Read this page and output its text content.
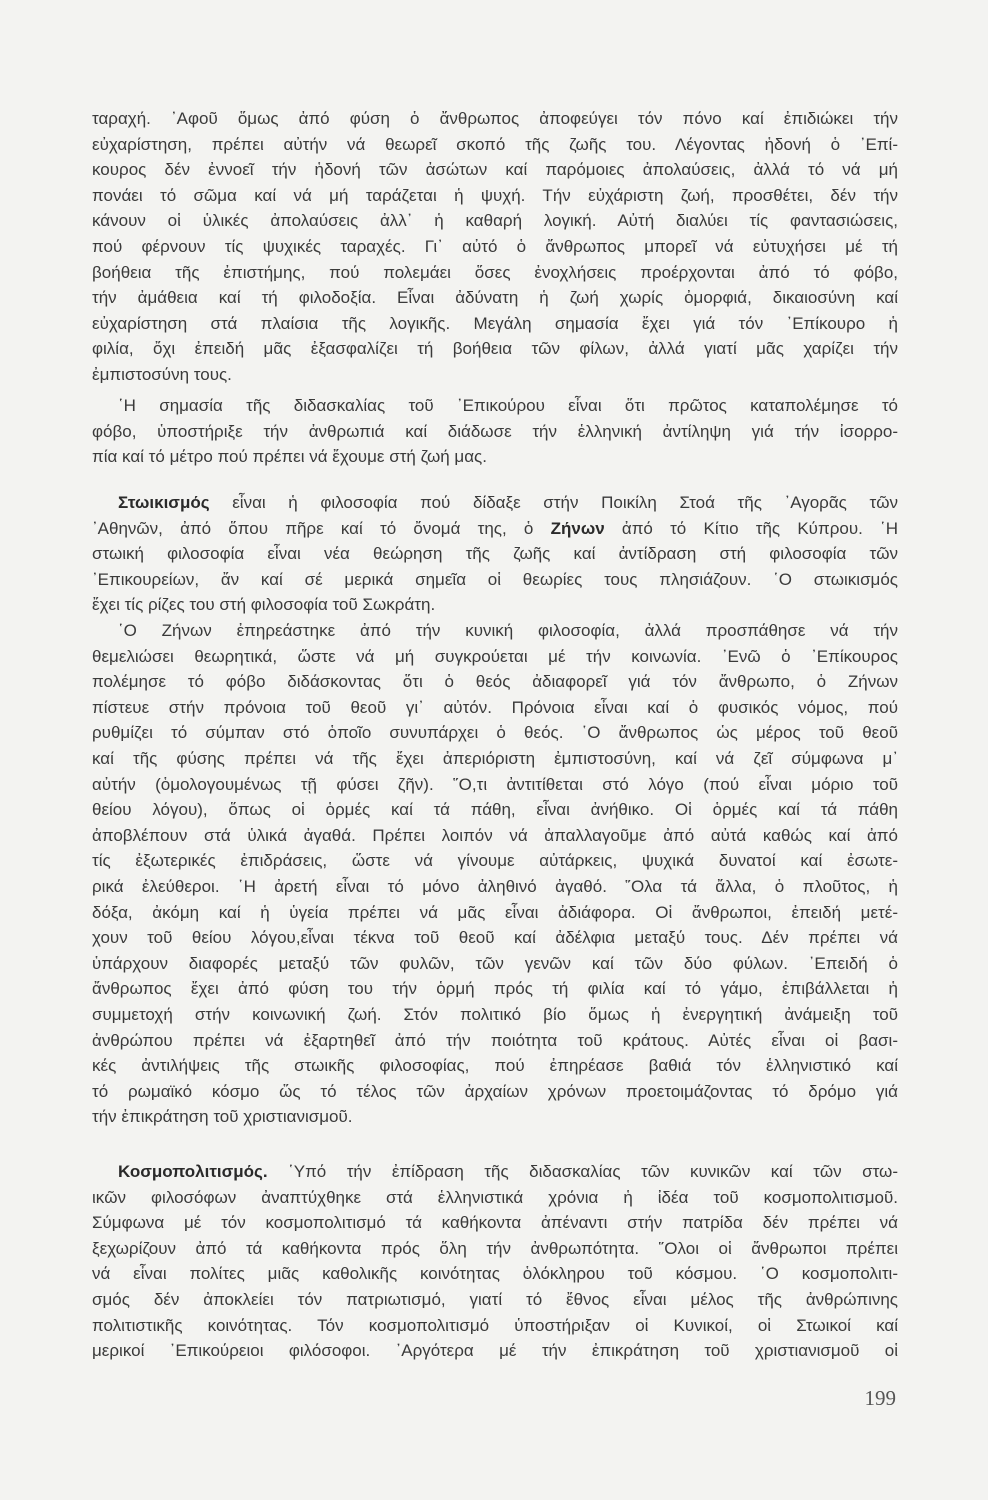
ταραχή. ᾿Αφοῦ ὅμως ἀπό φύση ὁ ἄνθρωπος ἀποφεύγει τόν πόνο καί ἐπιδιώκει τήν
εὐχαρίστηση, πρέπει αὐτήν νά θεωρεῖ σκοπό τῆς ζωῆς του. Λέγοντας ἡδονή ὁ ᾿Επί-
κουρος δέν ἐννοεῖ τήν ἡδονή τῶν ἀσώτων καί παρόμοιες ἀπολαύσεις, ἀλλά τό νά μή
πονάει τό σῶμα καί νά μή ταράζεται ἡ ψυχή. Τήν εὐχάριστη ζωή, προσθέτει, δέν τήν
κάνουν οἱ ὑλικές ἀπολαύσεις ἀλλ᾿ ἡ καθαρή λογική. Αὐτή διαλύει τίς φαντασιώσεις,
πού φέρνουν τίς ψυχικές ταραχές. Γι᾿ αὐτό ὁ ἄνθρωπος μπορεῖ νά εὐτυχήσει μέ τή
βοήθεια τῆς ἐπιστήμης, πού πολεμάει ὅσες ἐνοχλήσεις προέρχονται ἀπό τό φόβο,
τήν ἀμάθεια καί τή φιλοδοξία. Εἶναι ἀδύνατη ἡ ζωή χωρίς ὀμορφιά, δικαιοσύνη καί
εὐχαρίστηση στά πλαίσια τῆς λογικῆς. Μεγάλη σημασία ἔχει γιά τόν ᾿Επίκουρο ἡ
φιλία, ὄχι ἐπειδή μᾶς ἐξασφαλίζει τή βοήθεια τῶν φίλων, ἀλλά γιατί μᾶς χαρίζει τήν
ἐμπιστοσύνη τους.
῾Η σημασία τῆς διδασκαλίας τοῦ ᾿Επικούρου εἶναι ὅτι πρῶτος καταπολέμησε τό
φόβο, ὑποστήριξε τήν ἀνθρωπιά καί διάδωσε τήν ἑλληνική ἀντίληψη γιά τήν ἰσορρο-
πία καί τό μέτρο πού πρέπει νά ἔχουμε στή ζωή μας.
Στωικισμός εἶναι ἡ φιλοσοφία πού δίδαξε στήν Ποικίλη Στοά τῆς ᾿Αγορᾶς τῶν
᾿Αθηνῶν, ἀπό ὅπου πῆρε καί τό ὄνομά της, ὁ Ζήνων ἀπό τό Κίτιο τῆς Κύπρου. ῾Η
στωική φιλοσοφία εἶναι νέα θεώρηση τῆς ζωῆς καί ἀντίδραση στή φιλοσοφία τῶν
᾿Επικουρείων, ἄν καί σέ μερικά σημεῖα οἱ θεωρίες τους πλησιάζουν. ῾Ο στωικισμός
ἔχει τίς ρίζες του στή φιλοσοφία τοῦ Σωκράτη.
῾Ο Ζήνων ἐπηρεάστηκε ἀπό τήν κυνική φιλοσοφία, ἀλλά προσπάθησε νά τήν
θεμελιώσει θεωρητικά, ὥστε νά μή συγκρούεται μέ τήν κοινωνία. ᾿Ενῶ ὁ ᾿Επίκουρος
πολέμησε τό φόβο διδάσκοντας ὅτι ὁ θεός ἀδιαφορεῖ γιά τόν ἄνθρωπο, ὁ Ζήνων
πίστευε στήν πρόνοια τοῦ θεοῦ γι᾿ αὐτόν. Πρόνοια εἶναι καί ὁ φυσικός νόμος, πού
ρυθμίζει τό σύμπαν στό ὁποῖο συνυπάρχει ὁ θεός. ῾Ο ἄνθρωπος ὡς μέρος τοῦ θεοῦ
καί τῆς φύσης πρέπει νά τῆς ἔχει ἀπεριόριστη ἐμπιστοσύνη, καί νά ζεῖ σύμφωνα μ᾿
αὐτήν (ὁμολογουμένως τῇ φύσει ζῆν). ῞Ο,τι ἀντιτίθεται στό λόγο (πού εἶναι μόριο τοῦ
θείου λόγου), ὅπως οἱ ὁρμές καί τά πάθη, εἶναι ἀνήθικο. Οἱ ὁρμές καί τά πάθη
ἀποβλέπουν στά ὑλικά ἀγαθά. Πρέπει λοιπόν νά ἀπαλλαγοῦμε ἀπό αὐτά καθώς καί ἀπό
τίς ἐξωτερικές ἐπιδράσεις, ὥστε νά γίνουμε αὐτάρκεις, ψυχικά δυνατοί καί ἐσωτε-
ρικά ἐλεύθεροι. ῾Η ἀρετή εἶναι τό μόνο ἀληθινό ἀγαθό. ῞Ολα τά ἄλλα, ὁ πλοῦτος, ἡ
δόξα, ἀκόμη καί ἡ ὑγεία πρέπει νά μᾶς εἶναι ἀδιάφορα. Οἱ ἄνθρωποι, ἐπειδή μετέ-
χουν τοῦ θείου λόγου,εἶναι τέκνα τοῦ θεοῦ καί ἀδέλφια μεταξύ τους. Δέν πρέπει νά
ὑπάρχουν διαφορές μεταξύ τῶν φυλῶν, τῶν γενῶν καί τῶν δύο φύλων. ᾿Επειδή ὁ
ἄνθρωπος ἔχει ἀπό φύση του τήν ὁρμή πρός τή φιλία καί τό γάμο, ἐπιβάλλεται ἡ
συμμετοχή στήν κοινωνική ζωή. Στόν πολιτικό βίο ὅμως ἡ ἐνεργητική ἀνάμειξη τοῦ
ἀνθρώπου πρέπει νά ἐξαρτηθεῖ ἀπό τήν ποιότητα τοῦ κράτους. Αὐτές εἶναι οἱ βασι-
κές ἀντιλήψεις τῆς στωικῆς φιλοσοφίας, πού ἐπηρέασε βαθιά τόν ἑλληνιστικό καί
τό ρωμαϊκό κόσμο ὥς τό τέλος τῶν ἀρχαίων χρόνων προετοιμάζοντας τό δρόμο γιά
τήν ἐπικράτηση τοῦ χριστιανισμοῦ.
Κοσμοπολιτισμός. ῾Υπό τήν ἐπίδραση τῆς διδασκαλίας τῶν κυνικῶν καί τῶν στω-
ικῶν φιλοσόφων ἀναπτύχθηκε στά ἑλληνιστικά χρόνια ἡ ἰδέα τοῦ κοσμοπολιτισμοῦ.
Σύμφωνα μέ τόν κοσμοπολιτισμό τά καθήκοντα ἀπέναντι στήν πατρίδα δέν πρέπει νά
ξεχωρίζουν ἀπό τά καθήκοντα πρός ὅλη τήν ἀνθρωπότητα. ῞Ολοι οἱ ἄνθρωποι πρέπει
νά εἶναι πολίτες μιᾶς καθολικῆς κοινότητας ὁλόκληρου τοῦ κόσμου. ῾Ο κοσμοπολιτι-
σμός δέν ἀποκλείει τόν πατριωτισμό, γιατί τό ἔθνος εἶναι μέλος τῆς ἀνθρώπινης
πολιτιστικῆς κοινότητας. Τόν κοσμοπολιτισμό ὑποστήριξαν οἱ Κυνικοί, οἱ Στωικοί καί
μερικοί ᾿Επικούρειοι φιλόσοφοι. ᾿Αργότερα μέ τήν ἐπικράτηση τοῦ χριστιανισμοῦ οἱ
199
